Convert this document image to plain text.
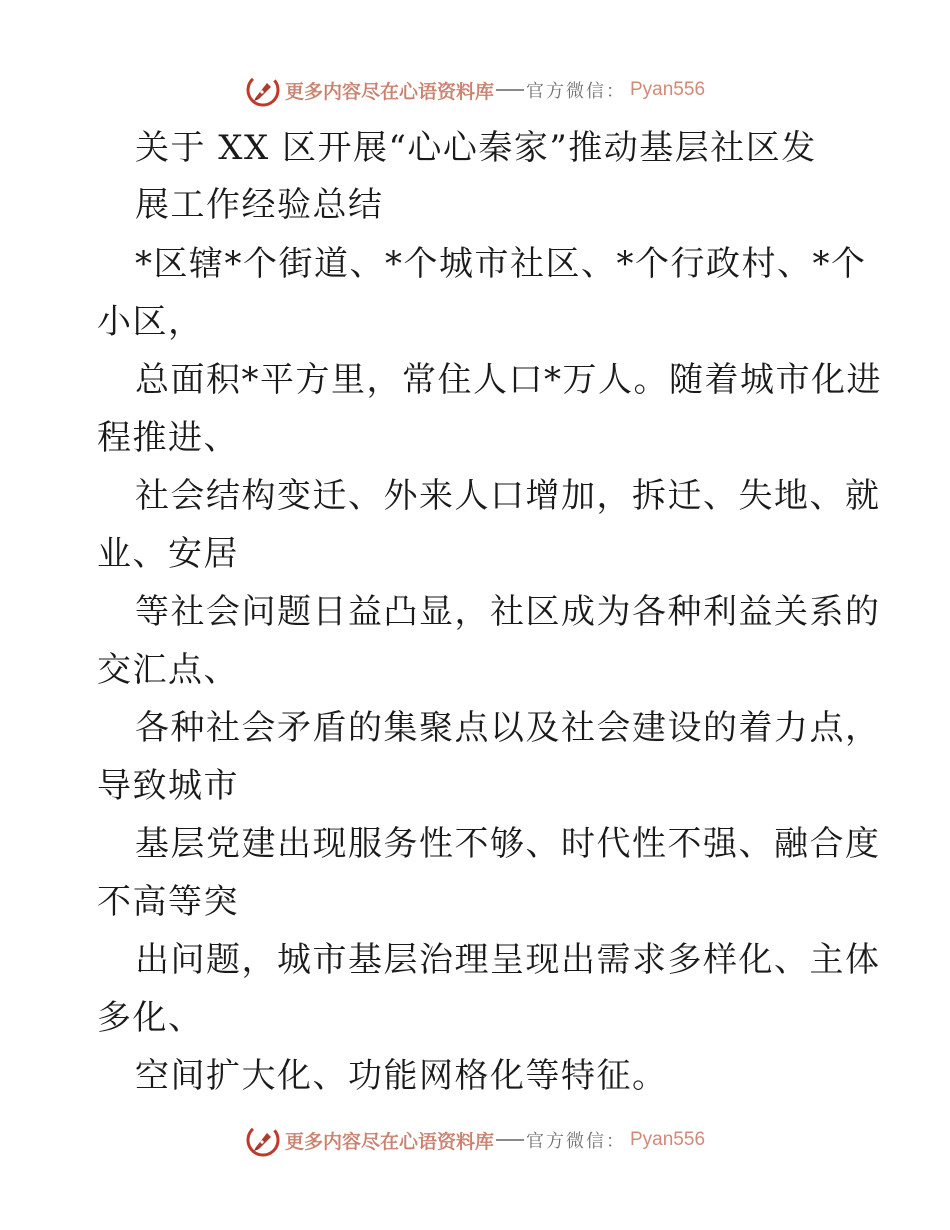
更多内容尽在心语资料库 官方微信： Pyan556
关于 XX 区开展“心心秦家”推动基层社区发
展工作经验总结
*区辖*个街道、*个城市社区、*个行政村、*个
小区，
总面积*平方里，常住人口*万人。随着城市化进
程推进、
社会结构变迁、外来人口增加，拆迁、失地、就
业、安居
等社会问题日益凸显，社区成为各种利益关系的
交汇点、
各种社会矛盾的集聚点以及社会建设的着力点，
导致城市
基层党建出现服务性不够、时代性不强、融合度
不高等突
出问题，城市基层治理呈现出需求多样化、主体
多化、
空间扩大化、功能网格化等特征。
更多内容尽在心语资料库 官方微信： Pyan556
